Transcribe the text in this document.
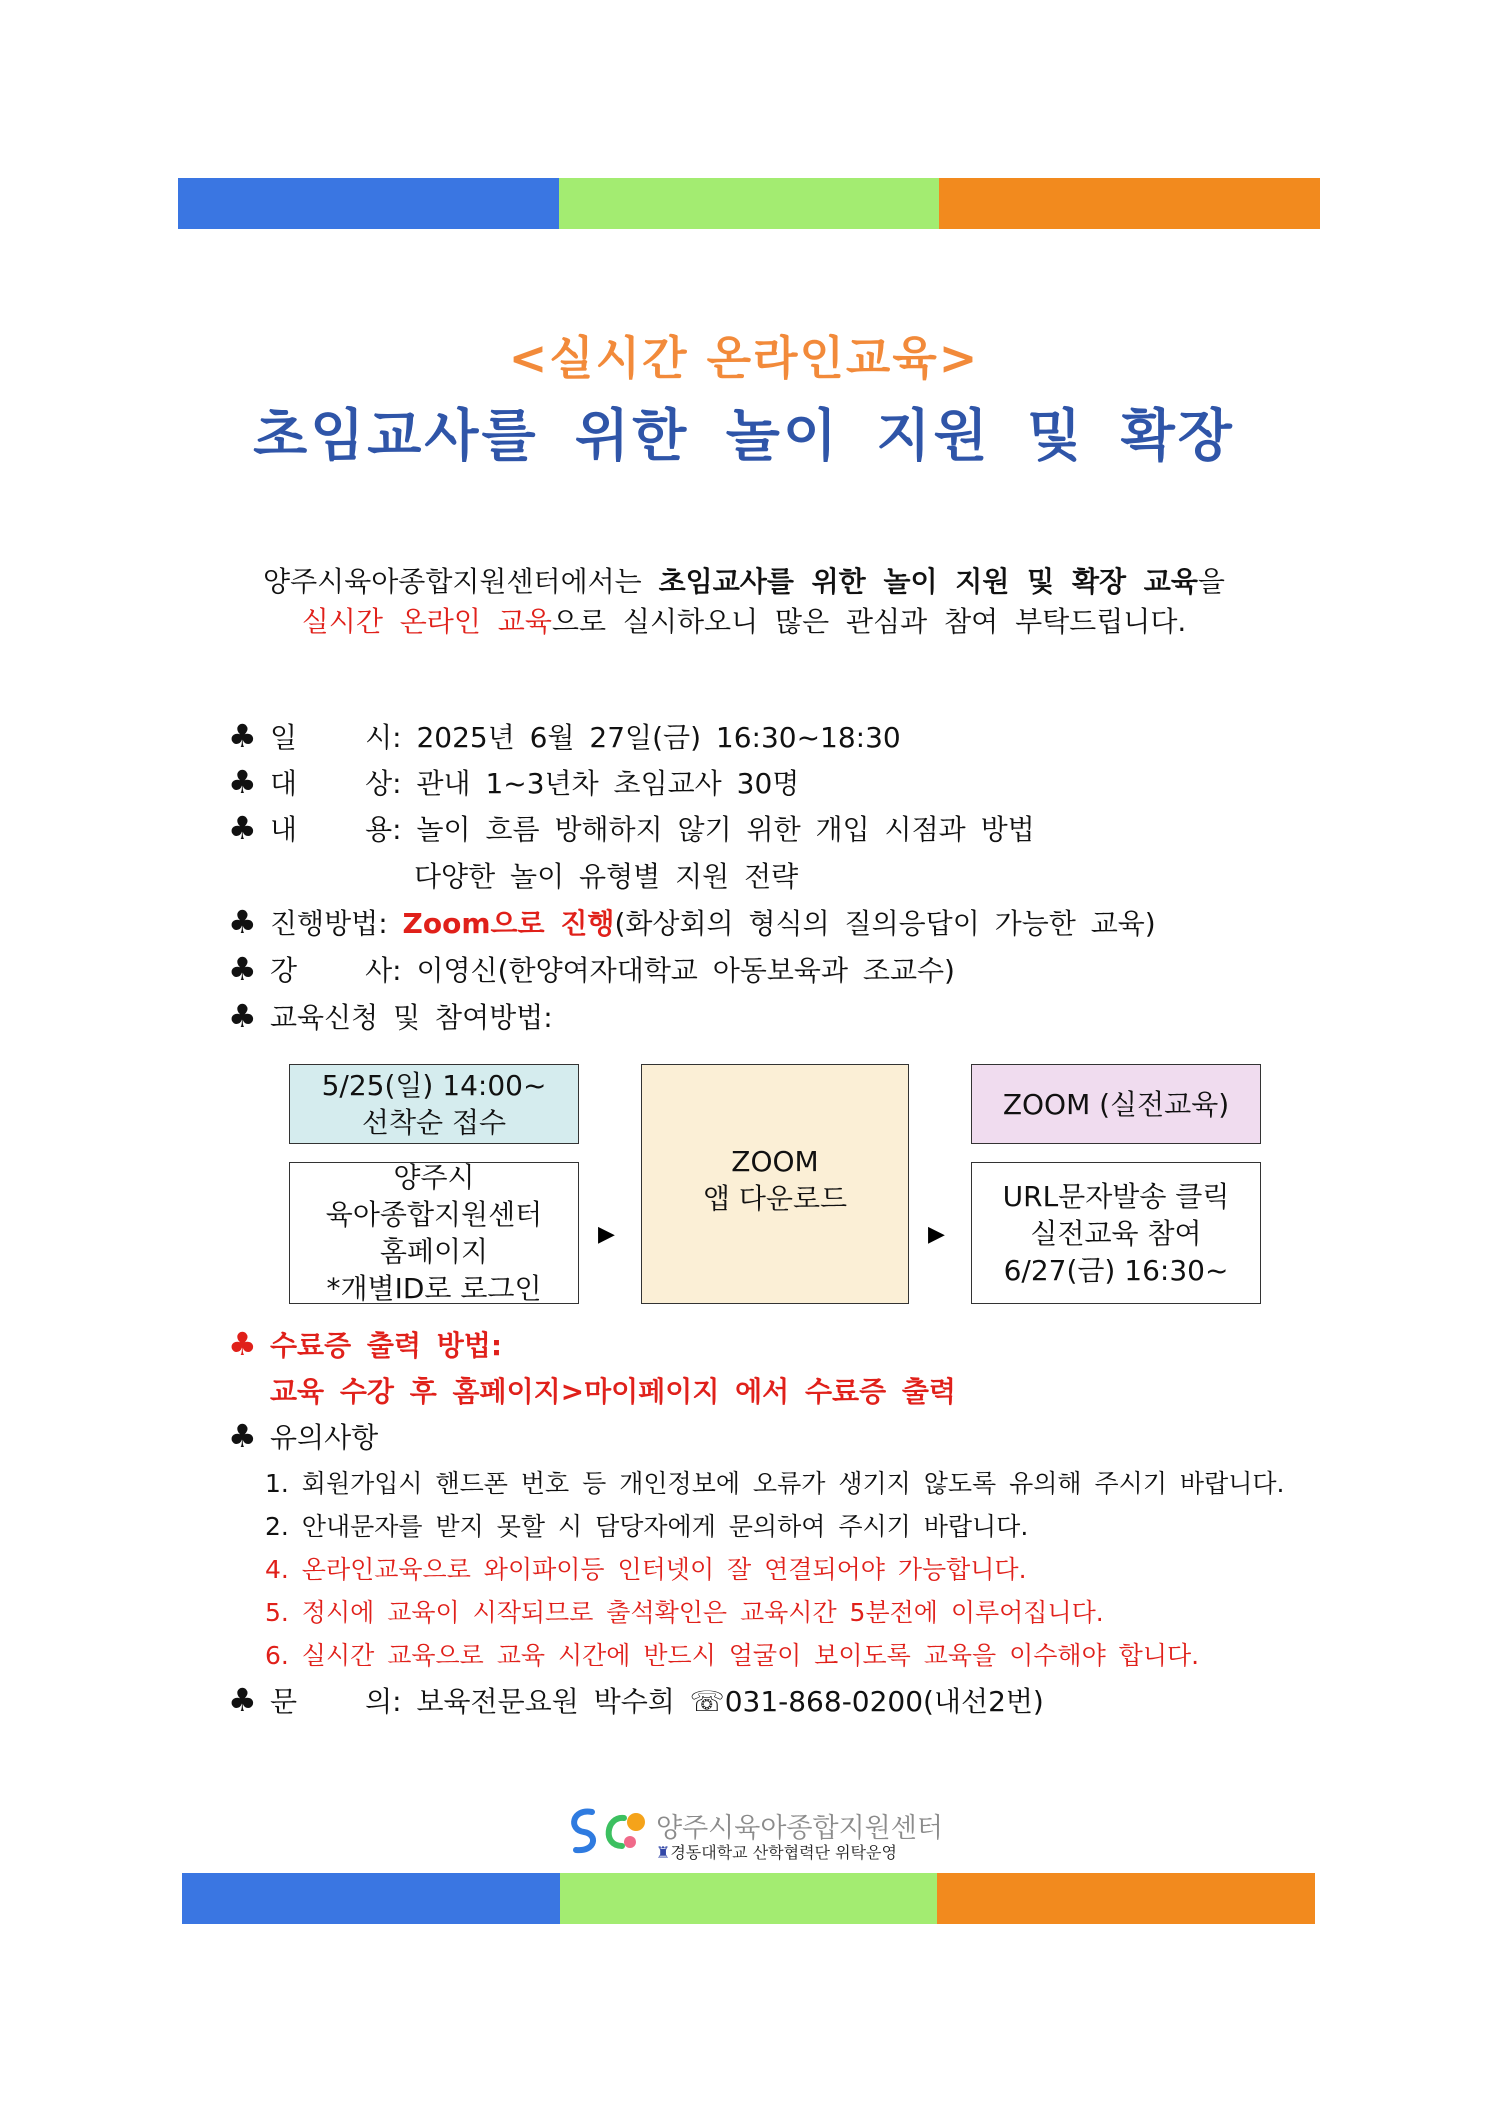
<실시간 온라인교육>
초임교사를 위한 놀이 지원 및 확장
양주시육아종합지원센터에서는 초임교사를 위한 놀이 지원 및 확장 교육을
실시간 온라인 교육으로 실시하오니 많은 관심과 참여 부탁드립니다.
♣ 일 시: 2025년 6월 27일(금) 16:30~18:30
♣ 대 상: 관내 1~3년차 초임교사 30명
♣ 내 용: 놀이 흐름 방해하지 않기 위한 개입 시점과 방법
다양한 놀이 유형별 지원 전략
♣ 진행방법: Zoom으로 진행(화상회의 형식의 질의응답이 가능한 교육)
♣ 강 사: 이영신(한양여자대학교 아동보육과 조교수)
♣ 교육신청 및 참여방법:
5/25(일) 14:00~
선착순 접수
양주시
육아종합지원센터
홈페이지
*개별ID로 로그인
▶
ZOOM
앱 다운로드
▶
ZOOM (실전교육)
URL문자발송 클릭
실전교육 참여
6/27(금) 16:30~
♣ 수료증 출력 방법:
교육 수강 후 홈페이지>마이페이지 에서 수료증 출력
♣ 유의사항
1. 회원가입시 핸드폰 번호 등 개인정보에 오류가 생기지 않도록 유의해 주시기 바랍니다.
2. 안내문자를 받지 못할 시 담당자에게 문의하여 주시기 바랍니다.
4. 온라인교육으로 와이파이등 인터넷이 잘 연결되어야 가능합니다.
5. 정시에 교육이 시작되므로 출석확인은 교육시간 5분전에 이루어집니다.
6. 실시간 교육으로 교육 시간에 반드시 얼굴이 보이도록 교육을 이수해야 합니다.
♣ 문 의: 보육전문요원 박수희 ☏031-868-0200(내선2번)
양주시육아종합지원센터
♜경동대학교 산학협력단 위탁운영
